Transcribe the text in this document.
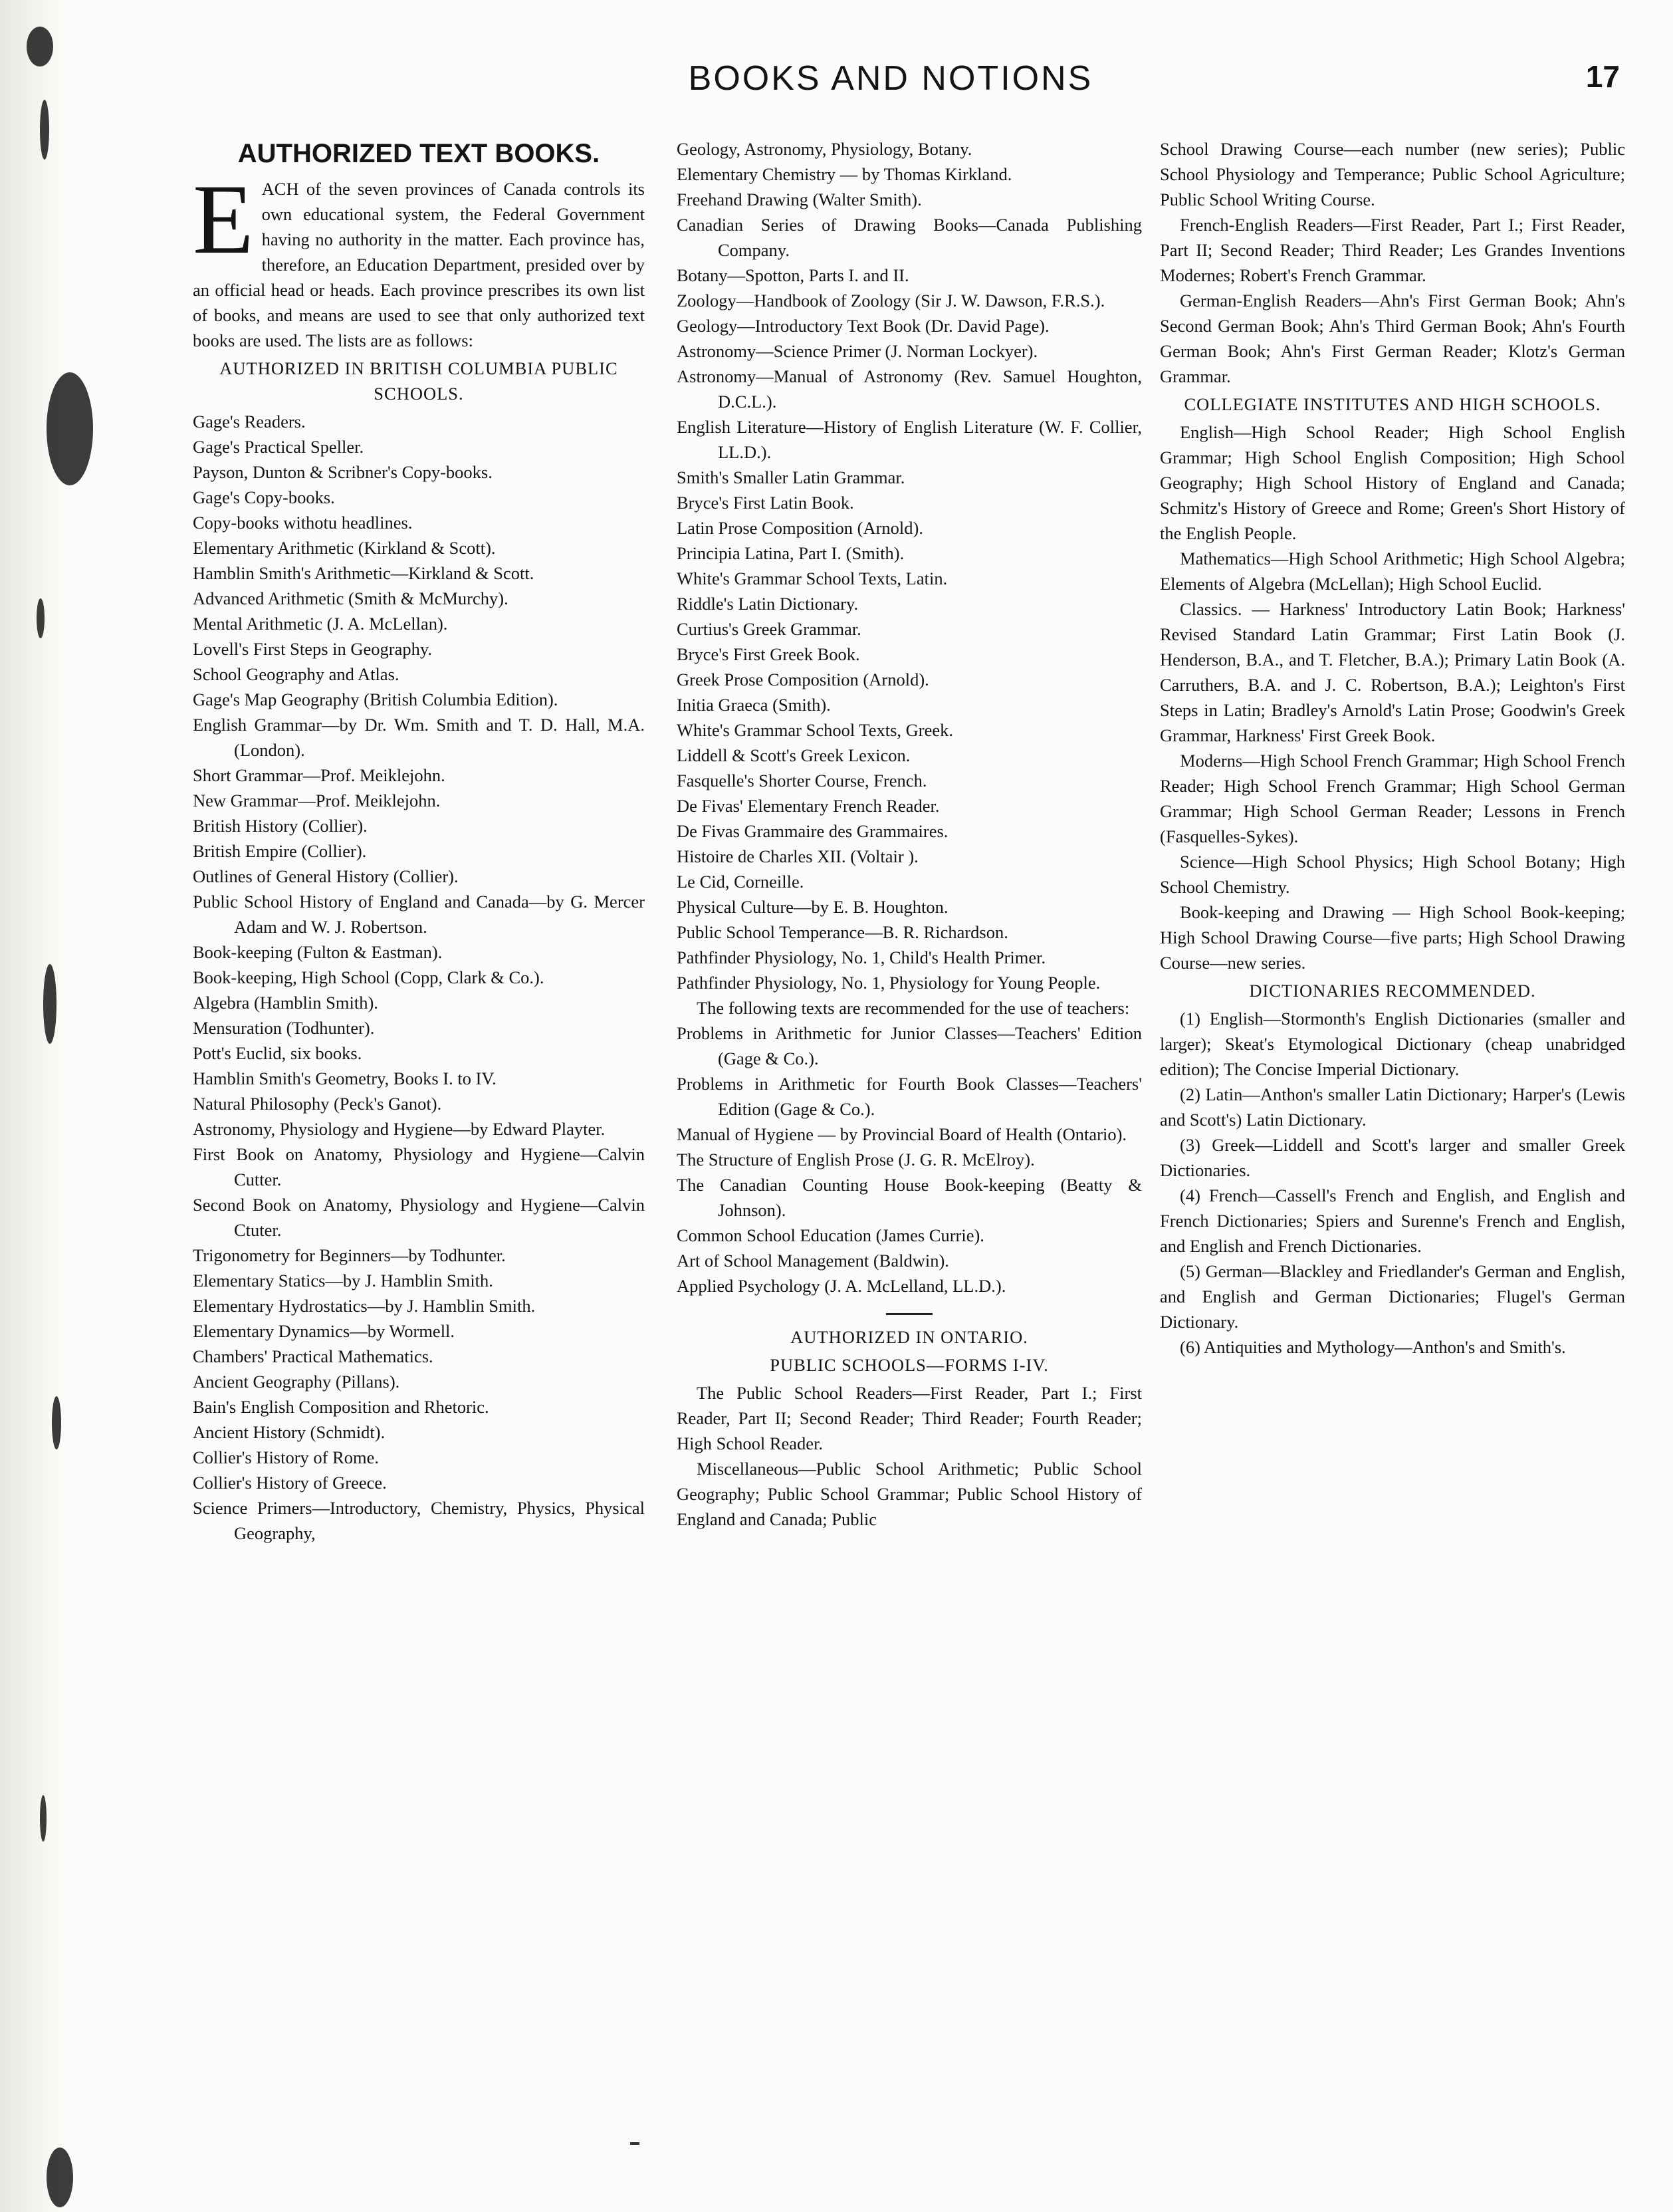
BOOKS AND NOTIONS	17
AUTHORIZED TEXT BOOKS.

EACH of the seven provinces of Canada controls its own educational system, the Federal Government having no authority in the matter. Each province has, therefore, an Education Department, presided over by an official head or heads. Each province prescribes its own list of books, and means are used to see that only authorized text books are used. The lists are as follows:

AUTHORIZED IN BRITISH COLUMBIA PUBLIC SCHOOLS.

Gage's Readers.

Gage's Practical Speller.

Payson, Dunton & Scribner's Copy-books.

Gage's Copy-books.

Copy-books withotu headlines.

Elementary Arithmetic (Kirkland & Scott).

Hamblin Smith's Arithmetic—Kirkland & Scott.

Advanced Arithmetic (Smith & McMurchy).

Mental Arithmetic (J. A. McLellan).

Lovell's First Steps in Geography.

School Geography and Atlas.

Gage's Map Geography (British Columbia Edition).

English Grammar—by Dr. Wm. Smith and T. D. Hall, M.A. (London).

Short Grammar—Prof. Meiklejohn.

New Grammar—Prof. Meiklejohn.

British History (Collier).

British Empire (Collier).

Outlines of General History (Collier).

Public School History of England and Canada—by G. Mercer Adam and W. J. Robertson.

Book-keeping (Fulton & Eastman).

Book-keeping, High School (Copp, Clark & Co.).

Algebra (Hamblin Smith).

Mensuration (Todhunter).

Pott's Euclid, six books.

Hamblin Smith's Geometry, Books I. to IV.

Natural Philosophy (Peck's Ganot).

Astronomy, Physiology and Hygiene—by Edward Playter.

First Book on Anatomy, Physiology and Hygiene—Calvin Cutter.

Second Book on Anatomy, Physiology and Hygiene—Calvin Ctuter.

Trigonometry for Beginners—by Todhunter.

Elementary Statics—by J. Hamblin Smith.

Elementary Hydrostatics—by J. Hamblin Smith.

Elementary Dynamics—by Wormell.

Chambers' Practical Mathematics.

Ancient Geography (Pillans).

Bain's English Composition and Rhetoric.

Ancient History (Schmidt).

Collier's History of Rome.

Collier's History of Greece.

Science Primers—Introductory, Chemistry, Physics, Physical Geography,

Geology, Astronomy, Physiology, Botany.

Elementary Chemistry — by Thomas Kirkland.

Freehand Drawing (Walter Smith).

Canadian Series of Drawing Books—Canada Publishing Company.

Botany—Spotton, Parts I. and II.

Zoology—Handbook of Zoology (Sir J. W. Dawson, F.R.S.).

Geology—Introductory Text Book (Dr. David Page).

Astronomy—Science Primer (J. Norman Lockyer).

Astronomy—Manual of Astronomy (Rev. Samuel Houghton, D.C.L.).

English Literature—History of English Literature (W. F. Collier, LL.D.).

Smith's Smaller Latin Grammar.

Bryce's First Latin Book.

Latin Prose Composition (Arnold).

Principia Latina, Part I. (Smith).

White's Grammar School Texts, Latin.

Riddle's Latin Dictionary.

Curtius's Greek Grammar.

Bryce's First Greek Book.

Greek Prose Composition (Arnold).

Initia Graeca (Smith).

White's Grammar School Texts, Greek.

Liddell & Scott's Greek Lexicon.

Fasquelle's Shorter Course, French.

De Fivas' Elementary French Reader.

De Fivas Grammaire des Grammaires.

Histoire de Charles XII. (Voltair ).

Le Cid, Corneille.

Physical Culture—by E. B. Houghton.

Public School Temperance—B. R. Richardson.

Pathfinder Physiology, No. 1, Child's Health Primer.

Pathfinder Physiology, No. 1, Physiology for Young People.

The following texts are recommended for the use of teachers:

Problems in Arithmetic for Junior Classes—Teachers' Edition (Gage & Co.).

Problems in Arithmetic for Fourth Book Classes—Teachers' Edition (Gage & Co.).

Manual of Hygiene — by Provincial Board of Health (Ontario).

The Structure of English Prose (J. G. R. McElroy).

The Canadian Counting House Book-keeping (Beatty & Johnson).

Common School Education (James Currie).

Art of School Management (Baldwin).

Applied Psychology (J. A. McLelland, LL.D.).

AUTHORIZED IN ONTARIO.
PUBLIC SCHOOLS—FORMS I-IV.

The Public School Readers—First Reader, Part I.; First Reader, Part II; Second Reader; Third Reader; Fourth Reader; High School Reader.

Miscellaneous—Public School Arithmetic; Public School Geography; Public School Grammar; Public School History of England and Canada; Public

School Drawing Course—each number (new series); Public School Physiology and Temperance; Public School Agriculture; Public School Writing Course.

French-English Readers—First Reader, Part I.; First Reader, Part II; Second Reader; Third Reader; Les Grandes Inventions Modernes; Robert's French Grammar.

German-English Readers—Ahn's First German Book; Ahn's Second German Book; Ahn's Third German Book; Ahn's Fourth German Book; Ahn's First German Reader; Klotz's German Grammar.

COLLEGIATE INSTITUTES AND HIGH SCHOOLS.

English—High School Reader; High School English Grammar; High School English Composition; High School Geography; High School History of England and Canada; Schmitz's History of Greece and Rome; Green's Short History of the English People.

Mathematics—High School Arithmetic; High School Algebra; Elements of Algebra (McLellan); High School Euclid.

Classics. — Harkness' Introductory Latin Book; Harkness' Revised Standard Latin Grammar; First Latin Book (J. Henderson, B.A., and T. Fletcher, B.A.); Primary Latin Book (A. Carruthers, B.A. and J. C. Robertson, B.A.); Leighton's First Steps in Latin; Bradley's Arnold's Latin Prose; Goodwin's Greek Grammar, Harkness' First Greek Book.

Moderns—High School French Grammar; High School French Reader; High School French Grammar; High School German Grammar; High School German Reader; Lessons in French (Fasquelles-Sykes).

Science—High School Physics; High School Botany; High School Chemistry.

Book-keeping and Drawing — High School Book-keeping; High School Drawing Course—five parts; High School Drawing Course—new series.

DICTIONARIES RECOMMENDED.

(1) English—Stormonth's English Dictionaries (smaller and larger); Skeat's Etymological Dictionary (cheap unabridged edition); The Concise Imperial Dictionary.

(2) Latin—Anthon's smaller Latin Dictionary; Harper's (Lewis and Scott's) Latin Dictionary.

(3) Greek—Liddell and Scott's larger and smaller Greek Dictionaries.

(4) French—Cassell's French and English, and English and French Dictionaries; Spiers and Surenne's French and English, and English and French Dictionaries.

(5) German—Blackley and Friedlander's German and English, and English and German Dictionaries; Flugel's German Dictionary.

(6) Antiquities and Mythology—Anthon's and Smith's.
